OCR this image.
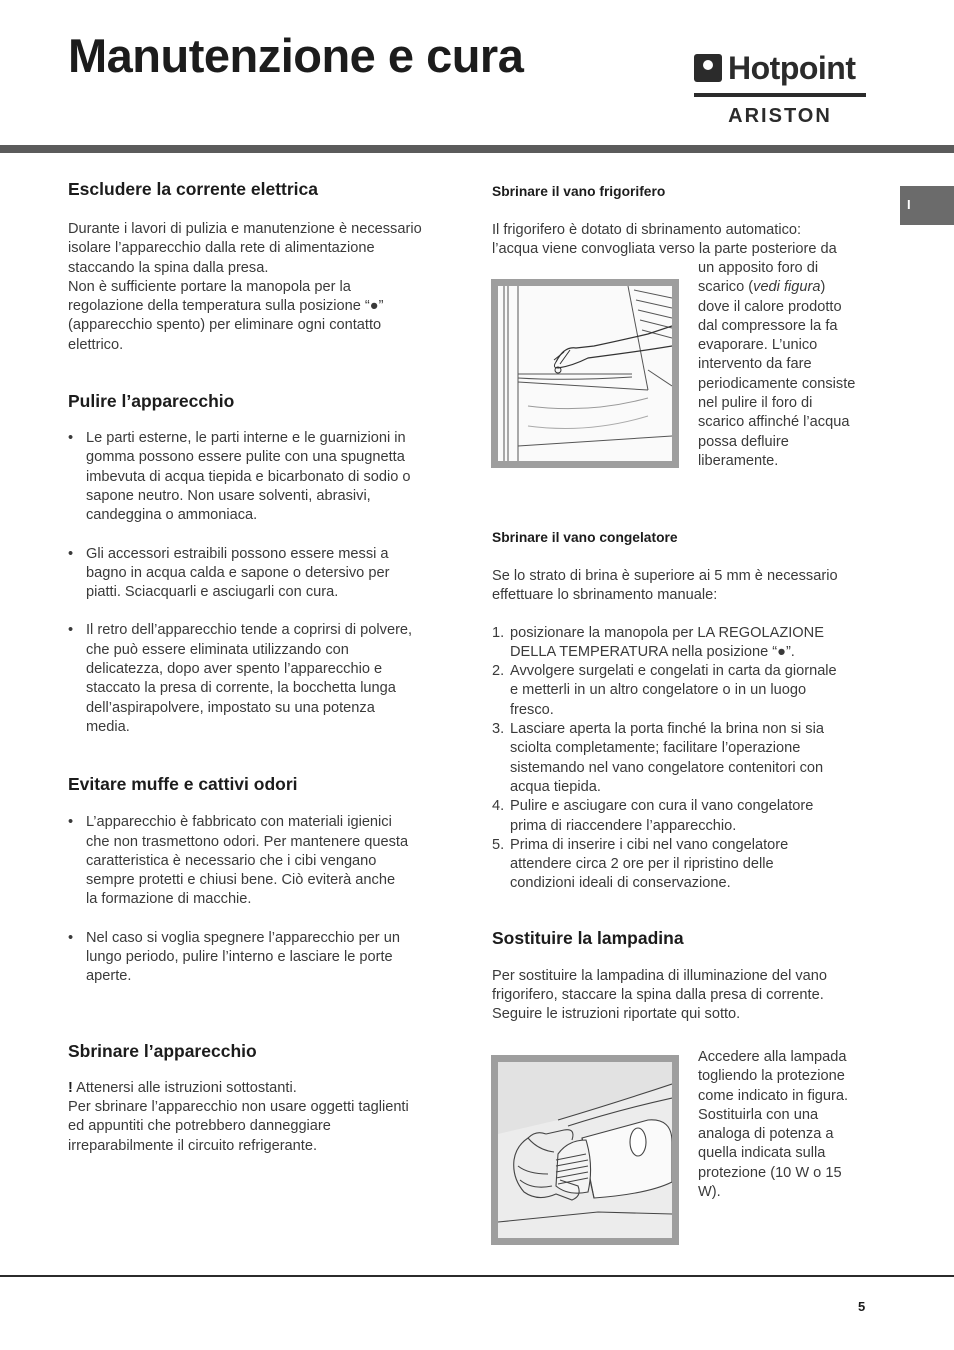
Manutenzione e cura	Hotpoint
ARISTON
I
Escludere la corrente elettrica

Durante i lavori di pulizia e manutenzione è necessario

isolare l’apparecchio dalla rete di alimentazione

staccando la spina dalla presa.

Non è sufficiente portare la manopola per la

regolazione della temperatura sulla posizione “●”

(apparecchio spento) per eliminare ogni contatto

elettrico.

Pulire l’apparecchio

• Le parti esterne, le parti interne e le guarnizioni in

gomma possono essere pulite con una spugnetta

imbevuta di acqua tiepida e bicarbonato di sodio o

sapone neutro. Non usare solventi, abrasivi,

candeggina o ammoniaca.

• Gli accessori estraibili possono essere messi a

bagno in acqua calda e sapone o detersivo per

piatti. Sciacquarli e asciugarli con cura.

• Il retro dell’apparecchio tende a coprirsi di polvere,

che può essere eliminata utilizzando con

delicatezza, dopo aver spento l’apparecchio e

staccato la presa di corrente, la bocchetta lunga

dell’aspirapolvere, impostato su una potenza

media.

Evitare muffe e cattivi odori

• L’apparecchio è fabbricato con materiali igienici

che non trasmettono odori. Per mantenere questa

caratteristica è necessario che i cibi vengano

sempre protetti e chiusi bene. Ciò eviterà anche

la formazione di macchie.

• Nel caso si voglia spegnere l’apparecchio per un

lungo periodo, pulire l’interno e lasciare le porte

aperte.

Sbrinare l’apparecchio

! Attenersi alle istruzioni sottostanti.

Per sbrinare l’apparecchio non usare oggetti taglienti

ed appuntiti che potrebbero danneggiare

irreparabilmente il circuito refrigerante.

Sbrinare il vano frigorifero

Il frigorifero è dotato di sbrinamento automatico:

l’acqua viene convogliata verso la parte posteriore da

un apposito foro di

scarico (vedi figura)

dove il calore prodotto

dal compressore la fa

evaporare. L’unico

intervento da fare

periodicamente consiste

nel pulire il foro di

scarico affinché l’acqua

possa defluire

liberamente.

Sbrinare il vano congelatore

Se lo strato di brina è superiore ai 5 mm è necessario

effettuare lo sbrinamento manuale:

1. posizionare la manopola per LA REGOLAZIONE

DELLA TEMPERATURA nella posizione “●”.

2. Avvolgere surgelati e congelati in carta da giornale

e metterli in un altro congelatore o in un luogo

fresco.

3. Lasciare aperta la porta finché la brina non si sia

sciolta completamente; facilitare l’operazione

sistemando nel vano congelatore contenitori con

acqua tiepida.

4. Pulire e asciugare con cura il vano congelatore

prima di riaccendere l’apparecchio.

5. Prima di inserire i cibi nel vano congelatore

attendere circa 2 ore per il ripristino delle

condizioni ideali di conservazione.

Sostituire la lampadina

Per sostituire la lampadina di illuminazione del vano

frigorifero, staccare la spina dalla presa di corrente.

Seguire le istruzioni riportate qui sotto.

Accedere alla lampada

togliendo la protezione

come indicato in figura.

Sostituirla con una

analoga di potenza a

quella indicata sulla

protezione (10 W o 15

W).

5
